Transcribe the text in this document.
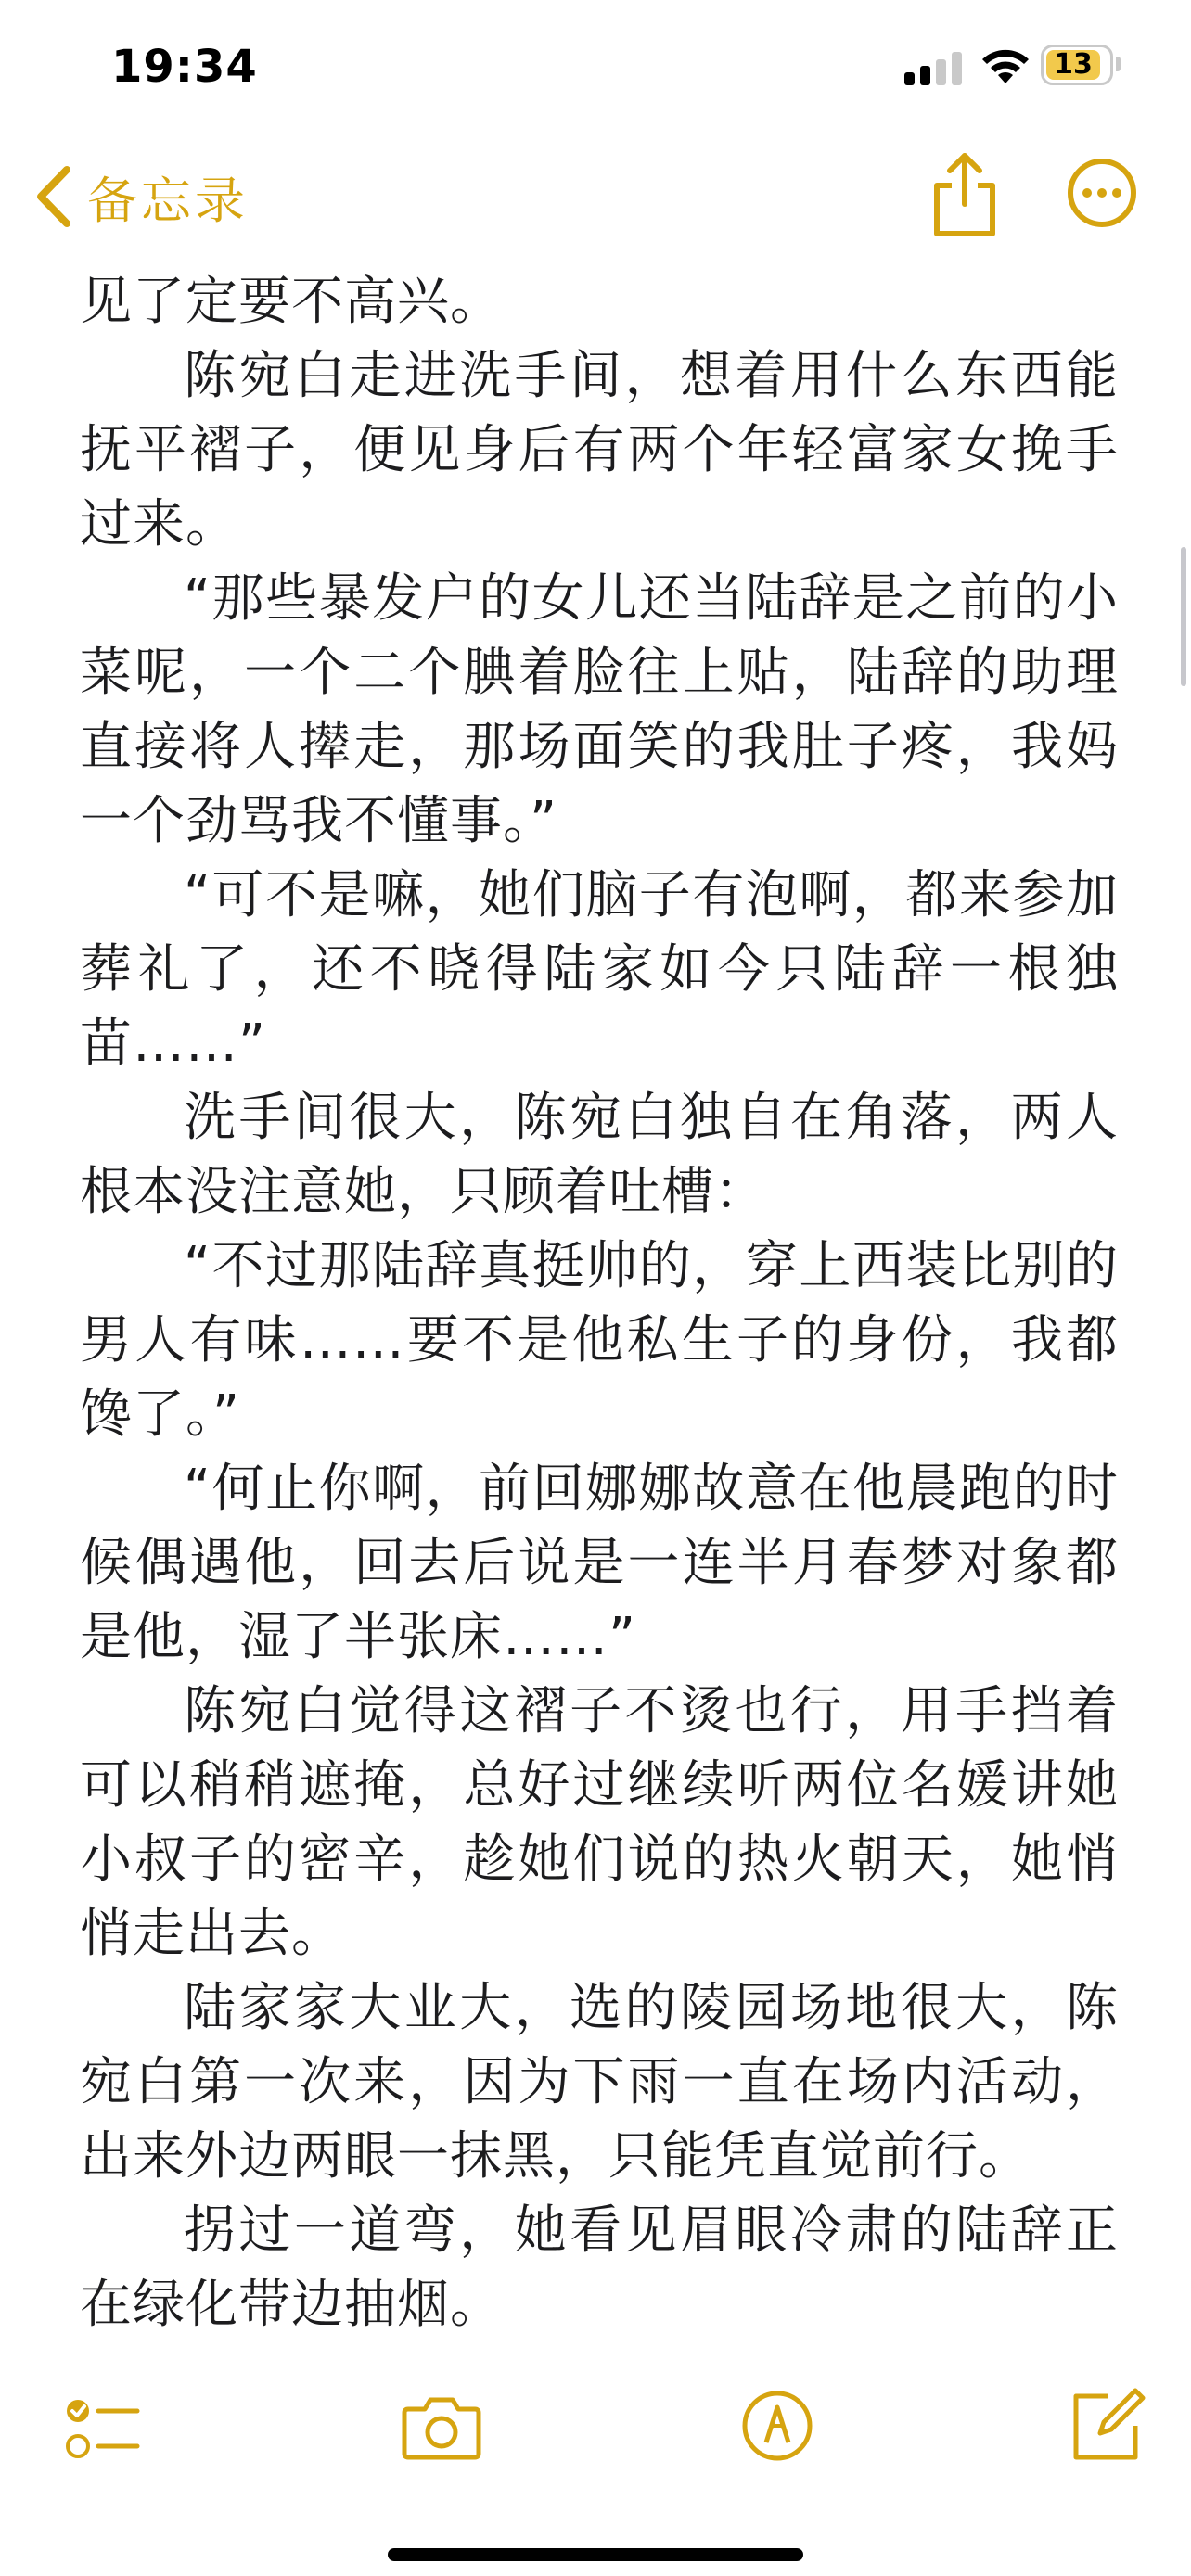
19:34	13
备忘录

见了定要不高兴。

陈宛白走进洗手间，想着用什么东西能抚平褶子，便见身后有两个年轻富家女挽手过来。

“那些暴发户的女儿还当陆辞是之前的小菜呢，一个二个腆着脸往上贴，陆辞的助理直接将人撵走，那场面笑的我肚子疼，我妈一个劲骂我不懂事。”

“可不是嘛，她们脑子有泡啊，都来参加葬礼了，还不晓得陆家如今只陆辞一根独苗……”

洗手间很大，陈宛白独自在角落，两人根本没注意她，只顾着吐槽：

“不过那陆辞真挺帅的，穿上西装比别的男人有味……要不是他私生子的身份，我都馋了。”

“何止你啊，前回娜娜故意在他晨跑的时候偶遇他，回去后说是一连半月春梦对象都是他，湿了半张床……”

陈宛白觉得这褶子不烫也行，用手挡着可以稍稍遮掩，总好过继续听两位名媛讲她小叔子的密辛，趁她们说的热火朝天，她悄悄走出去。

陆家家大业大，选的陵园场地很大，陈宛白第一次来，因为下雨一直在场内活动，出来外边两眼一抹黑，只能凭直觉前行。

拐过一道弯，她看见眉眼冷肃的陆辞正在绿化带边抽烟。
